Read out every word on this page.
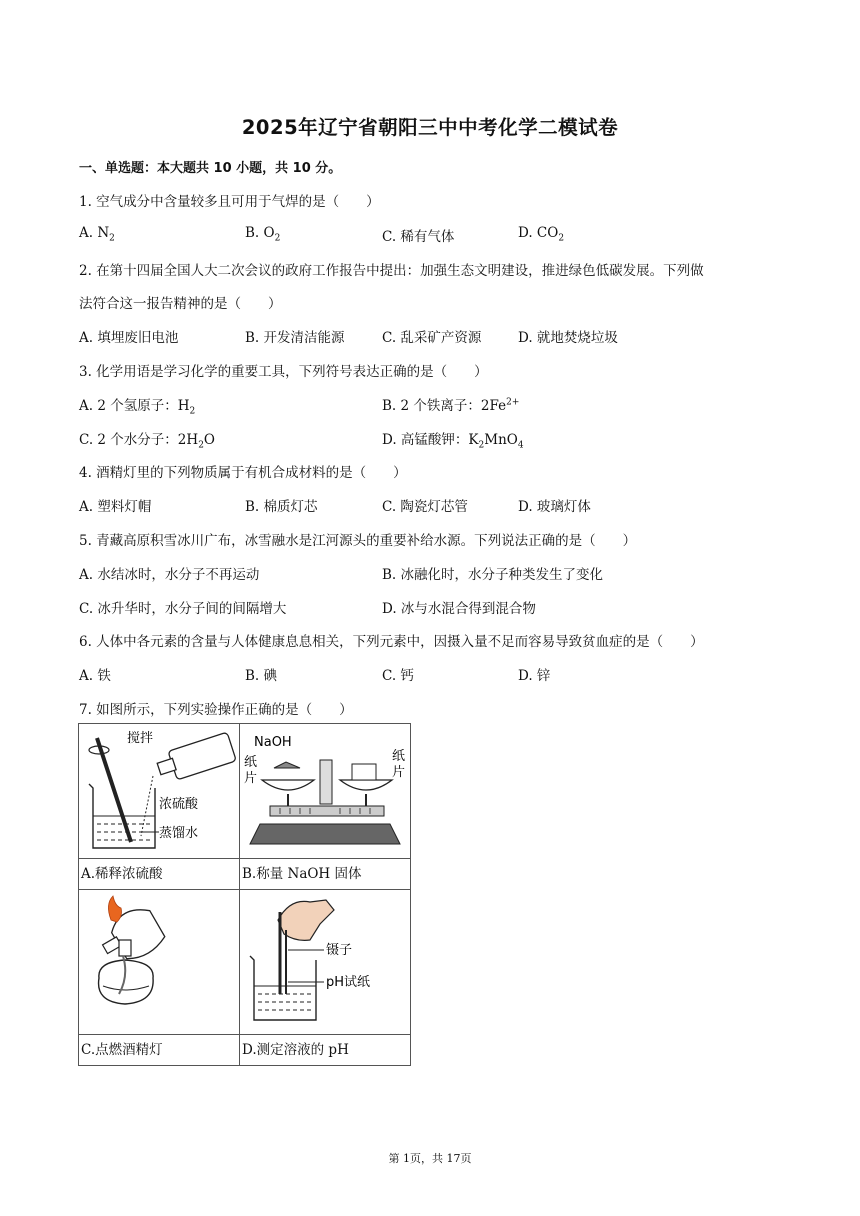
2025年辽宁省朝阳三中中考化学二模试卷
一、单选题：本大题共 10 小题，共 10 分。
1. 空气成分中含量较多且可用于气焊的是（　　）
A. $N_2$	B. $O_2$	C. 稀有气体	D. $CO_2$
2. 在第十四届全国人大二次会议的政府工作报告中提出：加强生态文明建设，推进绿色低碳发展。下列做
法符合这一报告精神的是（　　）
A. 填埋废旧电池	B. 开发清洁能源	C. 乱采矿产资源	D. 就地焚烧垃圾
3. 化学用语是学习化学的重要工具，下列符号表达正确的是（　　）
A. 2 个氢原子：$H_2$	B. 2 个铁离子：$2Fe^{2+}$
C. 2 个水分子：$2H_2O$	D. 高锰酸钾：$K_2MnO_4$
4. 酒精灯里的下列物质属于有机合成材料的是（　　）
A. 塑料灯帽	B. 棉质灯芯	C. 陶瓷灯芯管	D. 玻璃灯体
5. 青藏高原积雪冰川广布，冰雪融水是江河源头的重要补给水源。下列说法正确的是（　　）
A. 水结冰时，水分子不再运动	B. 冰融化时，水分子种类发生了变化
C. 冰升华时，水分子间的间隔增大	D. 冰与水混合得到混合物
6. 人体中各元素的含量与人体健康息息相关，下列元素中，因摄入量不足而容易导致贫血症的是（　　）
A. 铁	B. 碘	C. 钙	D. 锌
7. 如图所示，下列实验操作正确的是（　　）
搅拌
浓硫酸
蒸馏水	NaOH
纸
片
纸
片

A.稀释浓硫酸	B.称量 NaOH 固体

镊子
pH试纸

C.点燃酒精灯	D.测定溶液的 pH
第 1页，共 17页
